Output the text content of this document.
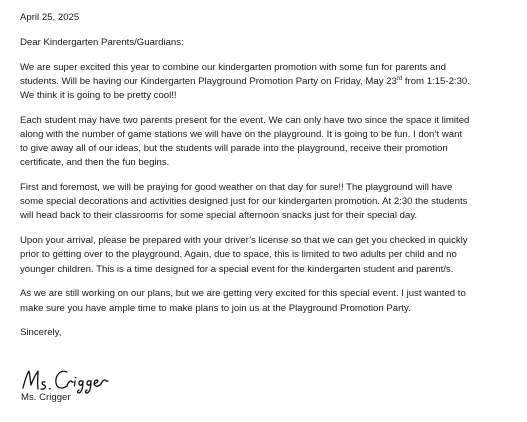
April 25, 2025
Dear Kindergarten Parents/Guardians:
We are super excited this year to combine our kindergarten promotion with some fun for parents and
students. Will be having our Kindergarten Playground Promotion Party on Friday, May 23rd from 1:15-2:30.
We think it is going to be pretty cool!!
Each student may have two parents present for the event. We can only have two since the space it limited
along with the number of game stations we will have on the playground. It is going to be fun. I don’t want
to give away all of our ideas, but the students will parade into the playground, receive their promotion
certificate, and then the fun begins.
First and foremost, we will be praying for good weather on that day for sure!! The playground will have
some special decorations and activities designed just for our kindergarten promotion. At 2:30 the students
will head back to their classrooms for some special afternoon snacks just for their special day.
Upon your arrival, please be prepared with your driver’s license so that we can get you checked in quickly
prior to getting over to the playground. Again, due to space, this is limited to two adults per child and no
younger children. This is a time designed for a special event for the kindergarten student and parent/s.
As we are still working on our plans, but we are getting very excited for this special event. I just wanted to
make sure you have ample time to make plans to join us at the Playground Promotion Party.
Sincerely,
Ms. Crigger
